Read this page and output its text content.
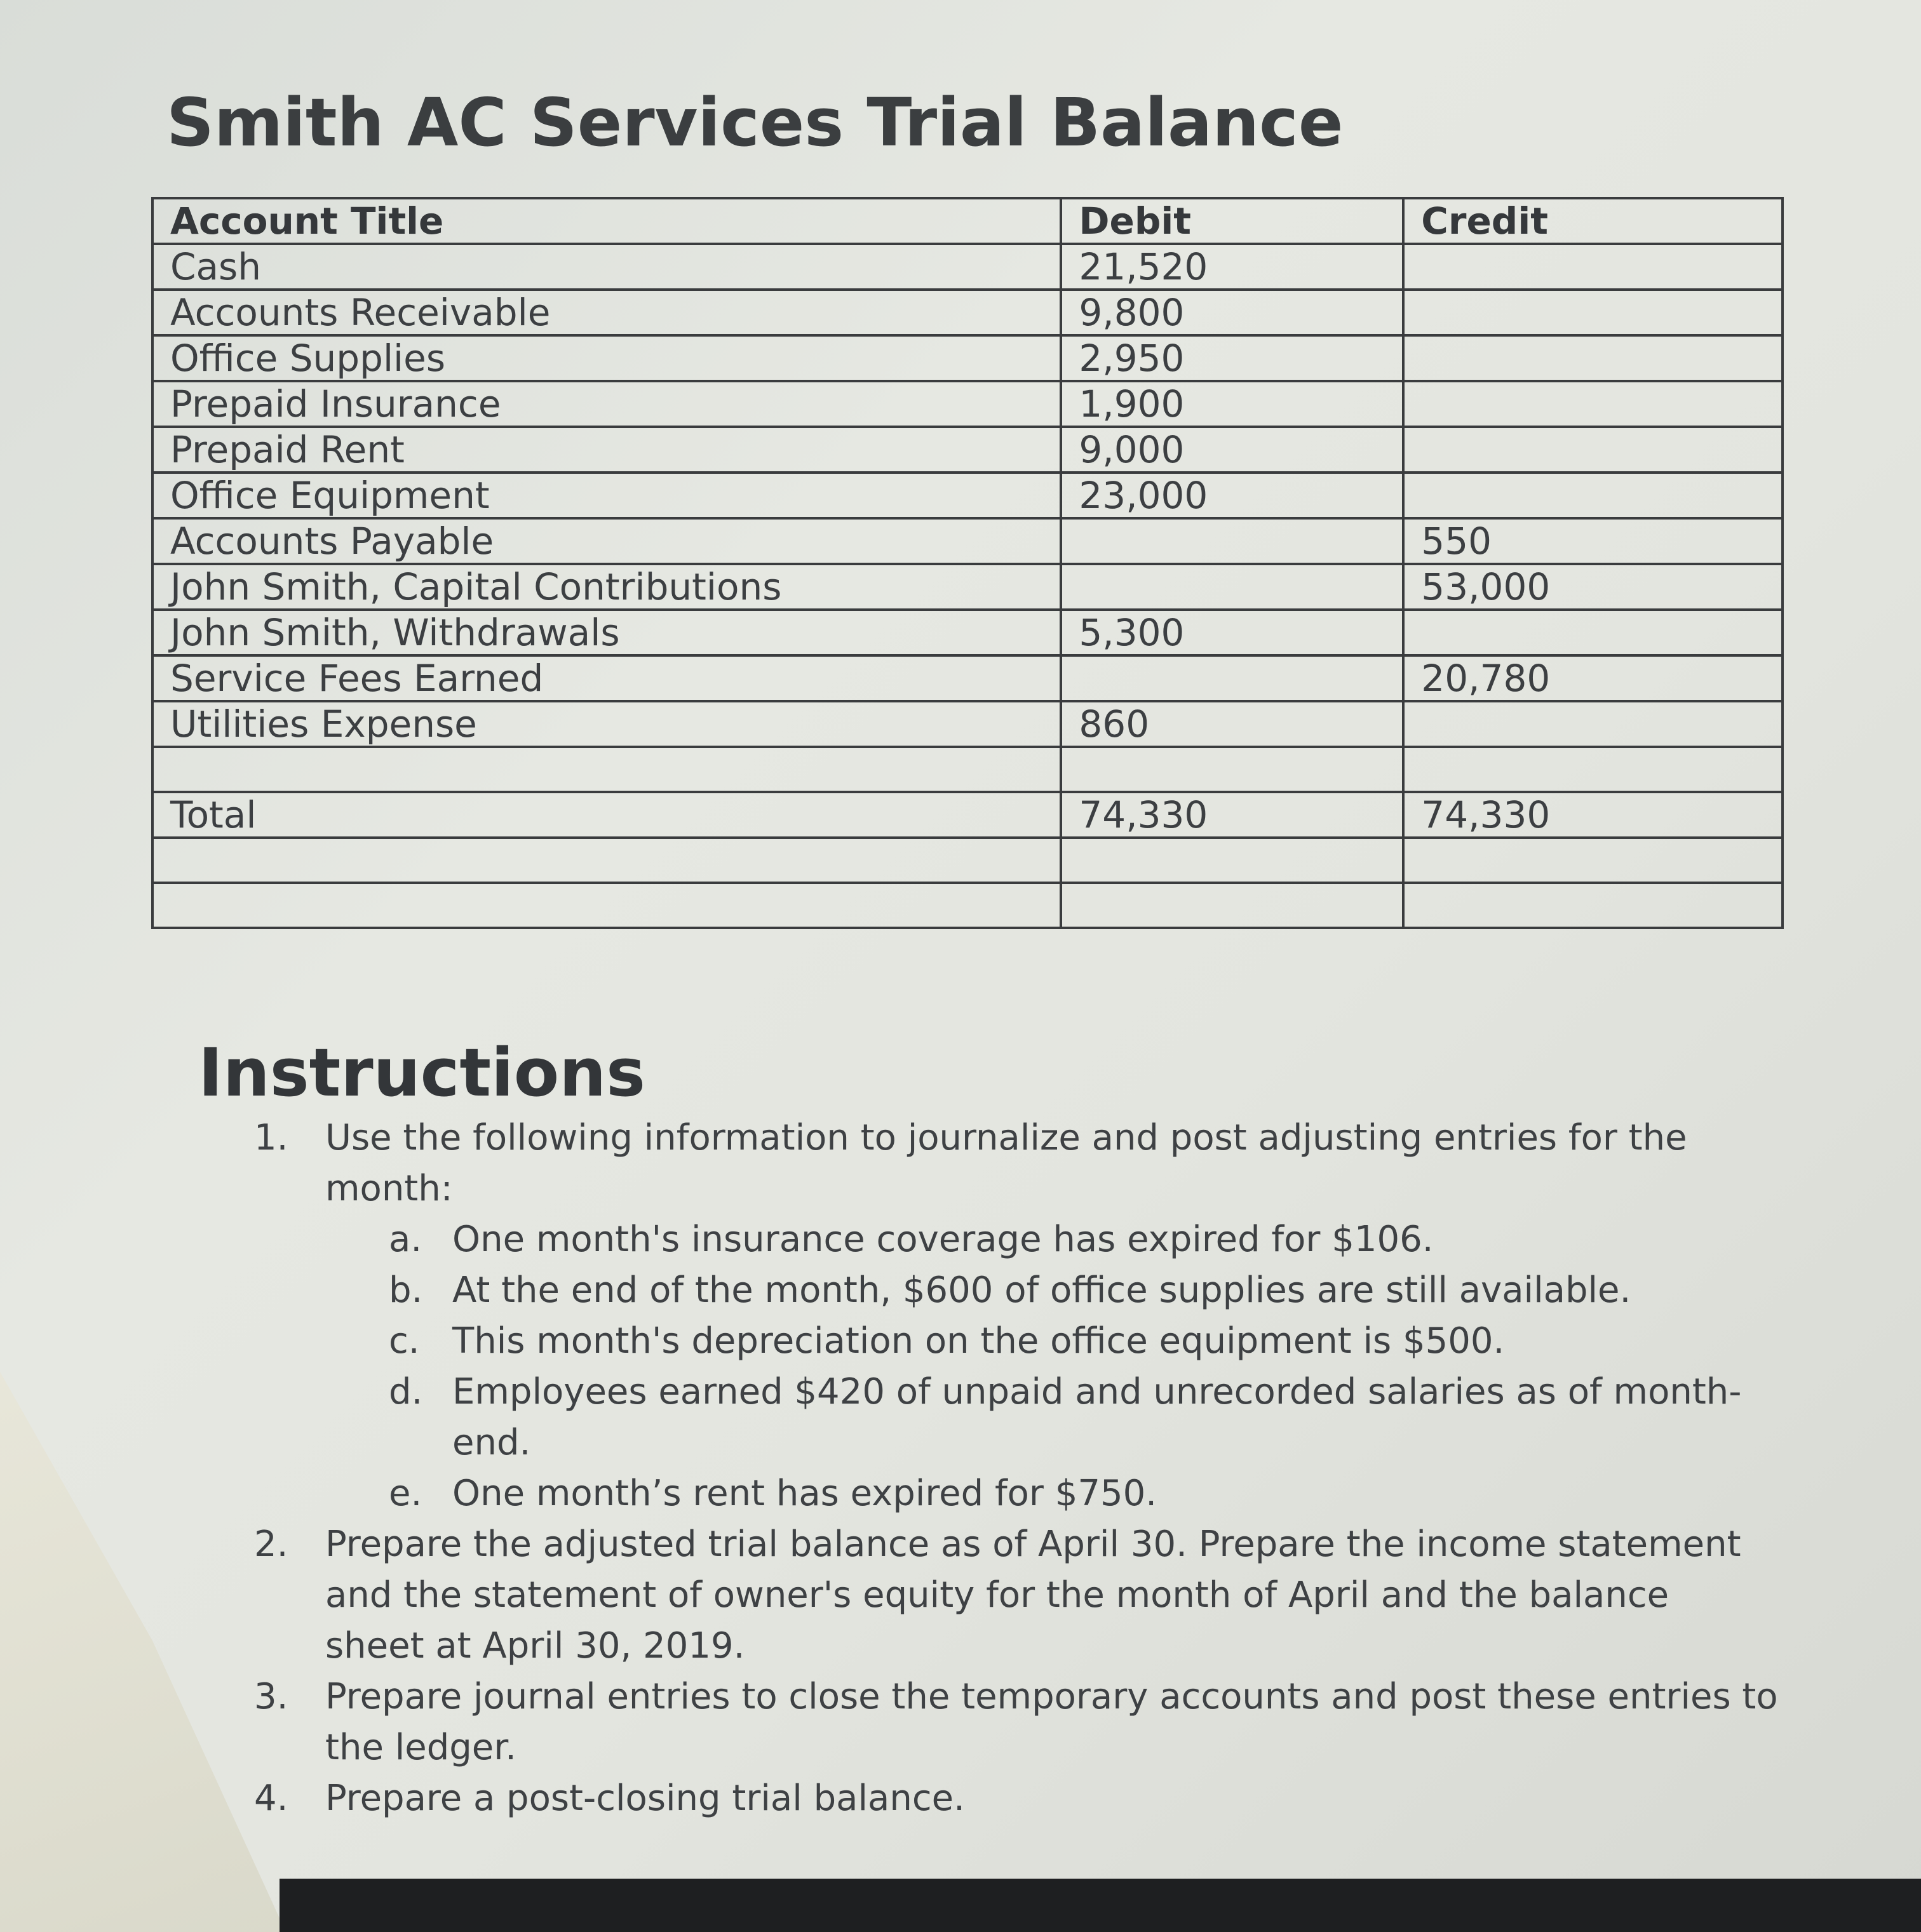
Smith AC Services Trial Balance
Account Title	Debit	Credit
Cash	21,520	
Accounts Receivable	9,800	
Office Supplies	2,950	
Prepaid Insurance	1,900	
Prepaid Rent	9,000	
Office Equipment	23,000	
Accounts Payable		550
John Smith, Capital Contributions		53,000
John Smith, Withdrawals	5,300	
Service Fees Earned		20,780
Utilities Expense	860	

Total	74,330	74,330

Instructions
1. Use the following information to journalize and post adjusting entries for the month:
a. One month's insurance coverage has expired for $106.
b. At the end of the month, $600 of office supplies are still available.
c. This month's depreciation on the office equipment is $500.
d. Employees earned $420 of unpaid and unrecorded salaries as of month-end.
e. One month’s rent has expired for $750.
2. Prepare the adjusted trial balance as of April 30. Prepare the income statement and the statement of owner's equity for the month of April and the balance sheet at April 30, 2019.
3. Prepare journal entries to close the temporary accounts and post these entries to the ledger.
4. Prepare a post-closing trial balance.
